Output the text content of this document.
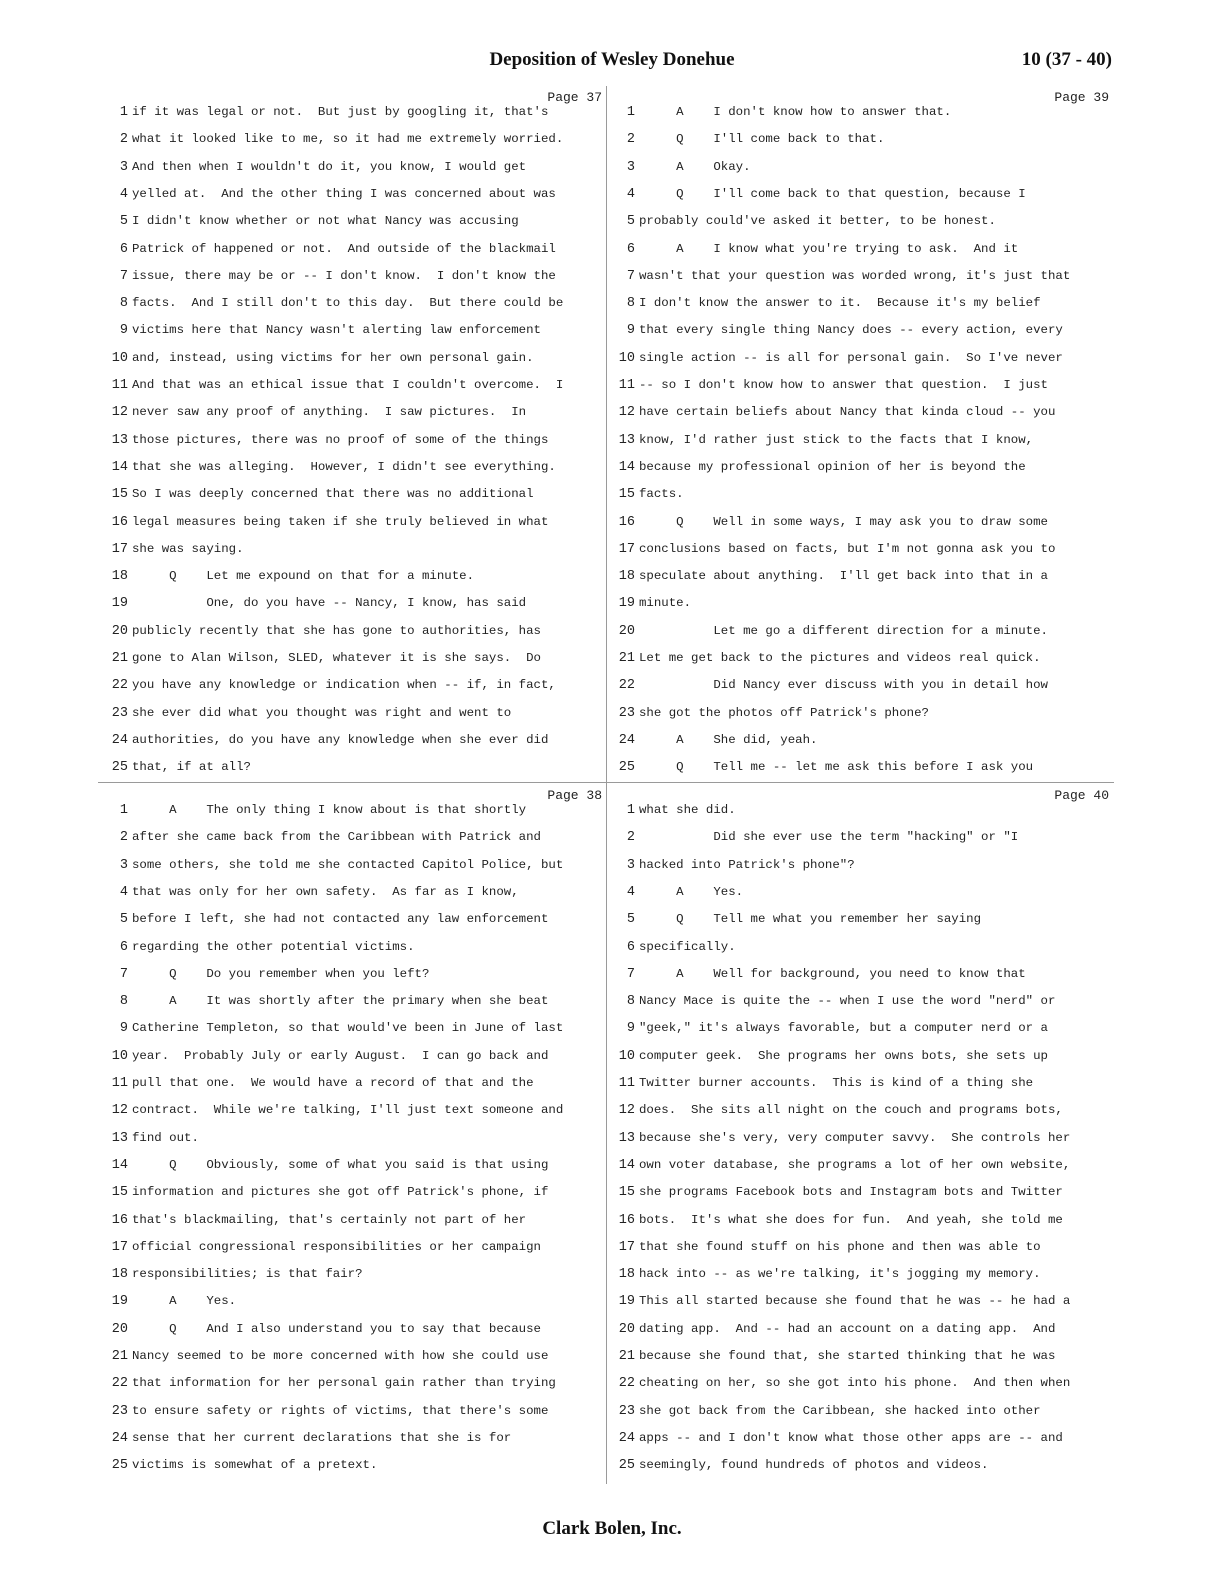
Deposition of Wesley Donehue	10 (37 - 40)
Page 37
1 if it was legal or not.  But just by googling it, that's
2 what it looked like to me, so it had me extremely worried.
3 And then when I wouldn't do it, you know, I would get
4 yelled at.  And the other thing I was concerned about was
5 I didn't know whether or not what Nancy was accusing
6 Patrick of happened or not.  And outside of the blackmail
7 issue, there may be or -- I don't know.  I don't know the
8 facts.  And I still don't to this day.  But there could be
9 victims here that Nancy wasn't alerting law enforcement
10 and, instead, using victims for her own personal gain.
11 And that was an ethical issue that I couldn't overcome.  I
12 never saw any proof of anything.  I saw pictures.  In
13 those pictures, there was no proof of some of the things
14 that she was alleging.  However, I didn't see everything.
15 So I was deeply concerned that there was no additional
16 legal measures being taken if she truly believed in what
17 she was saying.
18     Q    Let me expound on that for a minute.
19          One, do you have -- Nancy, I know, has said
20 publicly recently that she has gone to authorities, has
21 gone to Alan Wilson, SLED, whatever it is she says.  Do
22 you have any knowledge or indication when -- if, in fact,
23 she ever did what you thought was right and went to
24 authorities, do you have any knowledge when she ever did
25 that, if at all?
Page 38
1     A    The only thing I know about is that shortly
2 after she came back from the Caribbean with Patrick and
3 some others, she told me she contacted Capitol Police, but
4 that was only for her own safety.  As far as I know,
5 before I left, she had not contacted any law enforcement
6 regarding the other potential victims.
7     Q    Do you remember when you left?
8     A    It was shortly after the primary when she beat
9 Catherine Templeton, so that would've been in June of last
10 year.  Probably July or early August.  I can go back and
11 pull that one.  We would have a record of that and the
12 contract.  While we're talking, I'll just text someone and
13 find out.
14     Q    Obviously, some of what you said is that using
15 information and pictures she got off Patrick's phone, if
16 that's blackmailing, that's certainly not part of her
17 official congressional responsibilities or her campaign
18 responsibilities; is that fair?
19     A    Yes.
20     Q    And I also understand you to say that because
21 Nancy seemed to be more concerned with how she could use
22 that information for her personal gain rather than trying
23 to ensure safety or rights of victims, that there's some
24 sense that her current declarations that she is for
25 victims is somewhat of a pretext.
Page 39
1     A    I don't know how to answer that.
2     Q    I'll come back to that.
3     A    Okay.
4     Q    I'll come back to that question, because I
5 probably could've asked it better, to be honest.
6     A    I know what you're trying to ask.  And it
7 wasn't that your question was worded wrong, it's just that
8 I don't know the answer to it.  Because it's my belief
9 that every single thing Nancy does -- every action, every
10 single action -- is all for personal gain.  So I've never
11 -- so I don't know how to answer that question.  I just
12 have certain beliefs about Nancy that kinda cloud -- you
13 know, I'd rather just stick to the facts that I know,
14 because my professional opinion of her is beyond the
15 facts.
16     Q    Well in some ways, I may ask you to draw some
17 conclusions based on facts, but I'm not gonna ask you to
18 speculate about anything.  I'll get back into that in a
19 minute.
20          Let me go a different direction for a minute.
21 Let me get back to the pictures and videos real quick.
22          Did Nancy ever discuss with you in detail how
23 she got the photos off Patrick's phone?
24     A    She did, yeah.
25     Q    Tell me -- let me ask this before I ask you
Page 40
1 what she did.
2          Did she ever use the term "hacking" or "I
3 hacked into Patrick's phone"?
4     A    Yes.
5     Q    Tell me what you remember her saying
6 specifically.
7     A    Well for background, you need to know that
8 Nancy Mace is quite the -- when I use the word "nerd" or
9 "geek," it's always favorable, but a computer nerd or a
10 computer geek.  She programs her owns bots, she sets up
11 Twitter burner accounts.  This is kind of a thing she
12 does.  She sits all night on the couch and programs bots,
13 because she's very, very computer savvy.  She controls her
14 own voter database, she programs a lot of her own website,
15 she programs Facebook bots and Instagram bots and Twitter
16 bots.  It's what she does for fun.  And yeah, she told me
17 that she found stuff on his phone and then was able to
18 hack into -- as we're talking, it's jogging my memory.
19 This all started because she found that he was -- he had a
20 dating app.  And -- had an account on a dating app.  And
21 because she found that, she started thinking that he was
22 cheating on her, so she got into his phone.  And then when
23 she got back from the Caribbean, she hacked into other
24 apps -- and I don't know what those other apps are -- and
25 seemingly, found hundreds of photos and videos.
Clark Bolen, Inc.
